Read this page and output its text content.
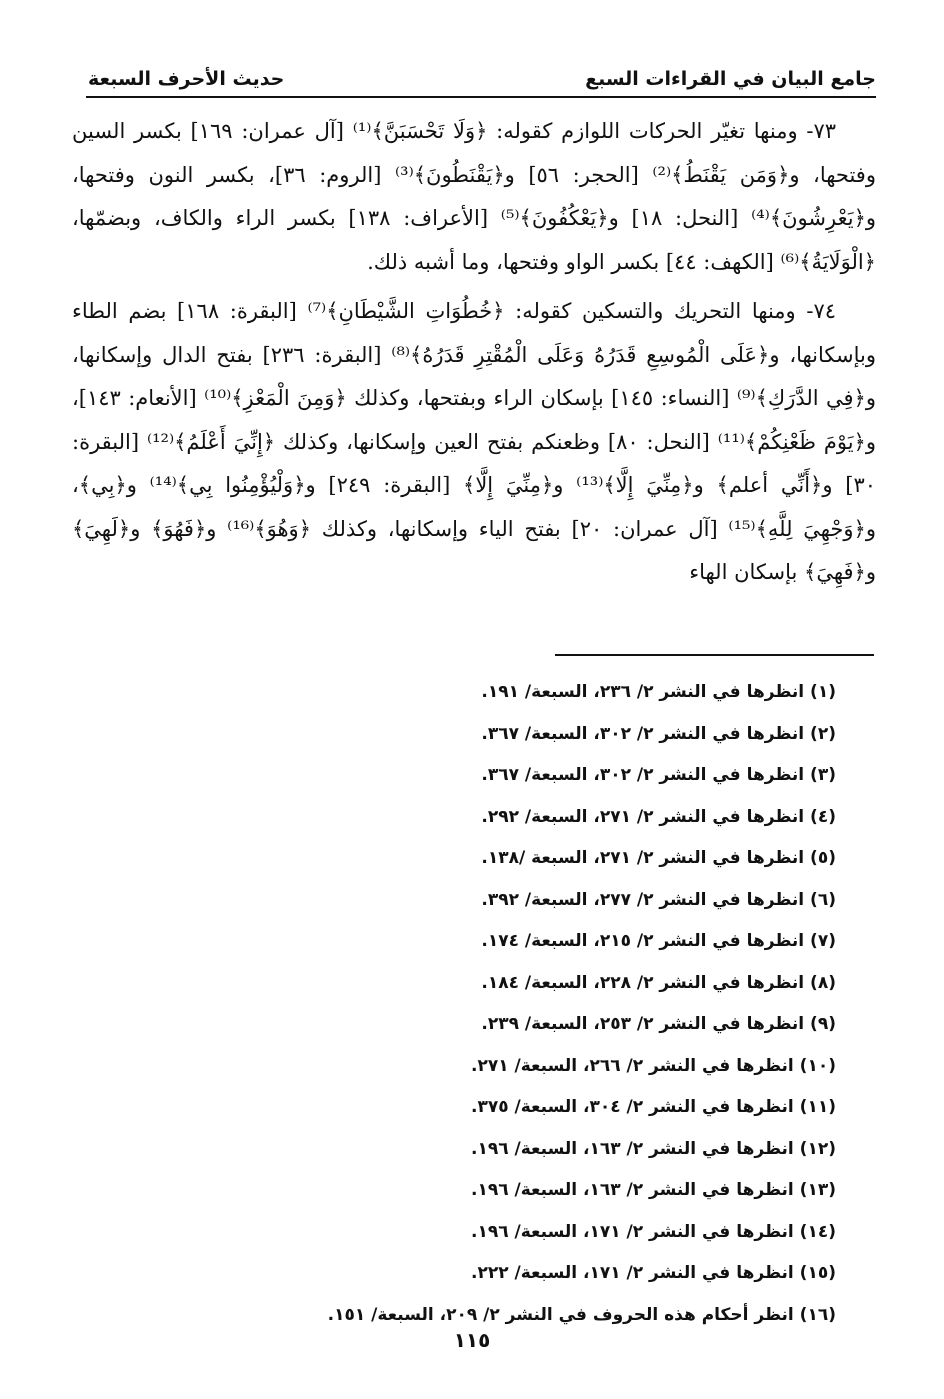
جامع البيان في القراءات السبع
حديث الأحرف السبعة

٧٣- ومنها تغيّر الحركات اللوازم كقوله: ﴿وَلَا تَحْسَبَنَّ﴾⁽¹⁾ [آل عمران: ١٦٩] بكسر السين وفتحها، و﴿وَمَن يَقْنَطُ﴾⁽²⁾ [الحجر: ٥٦] و﴿يَقْنَطُونَ﴾⁽³⁾ [الروم: ٣٦]، بكسر النون وفتحها، و﴿يَعْرِشُونَ﴾⁽⁴⁾ [النحل: ١٨] و﴿يَعْكُفُونَ﴾⁽⁵⁾ [الأعراف: ١٣٨] بكسر الراء والكاف، وبضمّها، ﴿الْوَلَايَةُ﴾⁽⁶⁾ [الكهف: ٤٤] بكسر الواو وفتحها، وما أشبه ذلك.

٧٤- ومنها التحريك والتسكين كقوله: ﴿خُطُوَاتِ الشَّيْطَانِ﴾⁽⁷⁾ [البقرة: ١٦٨] بضم الطاء وبإسكانها، و﴿عَلَى الْمُوسِعِ قَدَرُهُ وَعَلَى الْمُقْتِرِ قَدَرُهُ﴾⁽⁸⁾ [البقرة: ٢٣٦] بفتح الدال وإسكانها، و﴿فِي الدَّرَكِ﴾⁽⁹⁾ [النساء: ١٤٥] بإسكان الراء وبفتحها، وكذلك ﴿وَمِنَ الْمَعْزِ﴾⁽¹⁰⁾ [الأنعام: ١٤٣]، و﴿يَوْمَ ظَعْنِكُمْ﴾⁽¹¹⁾ [النحل: ٨٠] وظعنكم بفتح العين وإسكانها، وكذلك ﴿إِنِّيَ أَعْلَمُ﴾⁽¹²⁾ [البقرة: ٣٠] و﴿أَنِّي أعلم﴾ و﴿مِنِّيَ إِلَّا﴾⁽¹³⁾ و﴿مِنِّيَ إِلَّا﴾ [البقرة: ٢٤٩] و﴿وَلْيُؤْمِنُوا بِي﴾⁽¹⁴⁾ و﴿بِي﴾، و﴿وَجْهِيَ لِلَّهِ﴾⁽¹⁵⁾ [آل عمران: ٢٠] بفتح الياء وإسكانها، وكذلك ﴿وَهُوَ﴾⁽¹⁶⁾ و﴿فَهُوَ﴾ و﴿لَهِيَ﴾ و﴿فَهِيَ﴾ بإسكان الهاء

(١) انظرها في النشر ٢/ ٢٣٦، السبعة/ ١٩١.
(٢) انظرها في النشر ٢/ ٣٠٢، السبعة/ ٣٦٧.
(٣) انظرها في النشر ٢/ ٣٠٢، السبعة/ ٣٦٧.
(٤) انظرها في النشر ٢/ ٢٧١، السبعة/ ٢٩٢.
(٥) انظرها في النشر ٢/ ٢٧١، السبعة /١٣٨.
(٦) انظرها في النشر ٢/ ٢٧٧، السبعة/ ٣٩٢.
(٧) انظرها في النشر ٢/ ٢١٥، السبعة/ ١٧٤.
(٨) انظرها في النشر ٢/ ٢٢٨، السبعة/ ١٨٤.
(٩) انظرها في النشر ٢/ ٢٥٣، السبعة/ ٢٣٩.
(١٠) انظرها في النشر ٢/ ٢٦٦، السبعة/ ٢٧١.
(١١) انظرها في النشر ٢/ ٣٠٤، السبعة/ ٣٧٥.
(١٢) انظرها في النشر ٢/ ١٦٣، السبعة/ ١٩٦.
(١٣) انظرها في النشر ٢/ ١٦٣، السبعة/ ١٩٦.
(١٤) انظرها في النشر ٢/ ١٧١، السبعة/ ١٩٦.
(١٥) انظرها في النشر ٢/ ١٧١، السبعة/ ٢٢٢.
(١٦) انظر أحكام هذه الحروف في النشر ٢/ ٢٠٩، السبعة/ ١٥١.
١١٥
